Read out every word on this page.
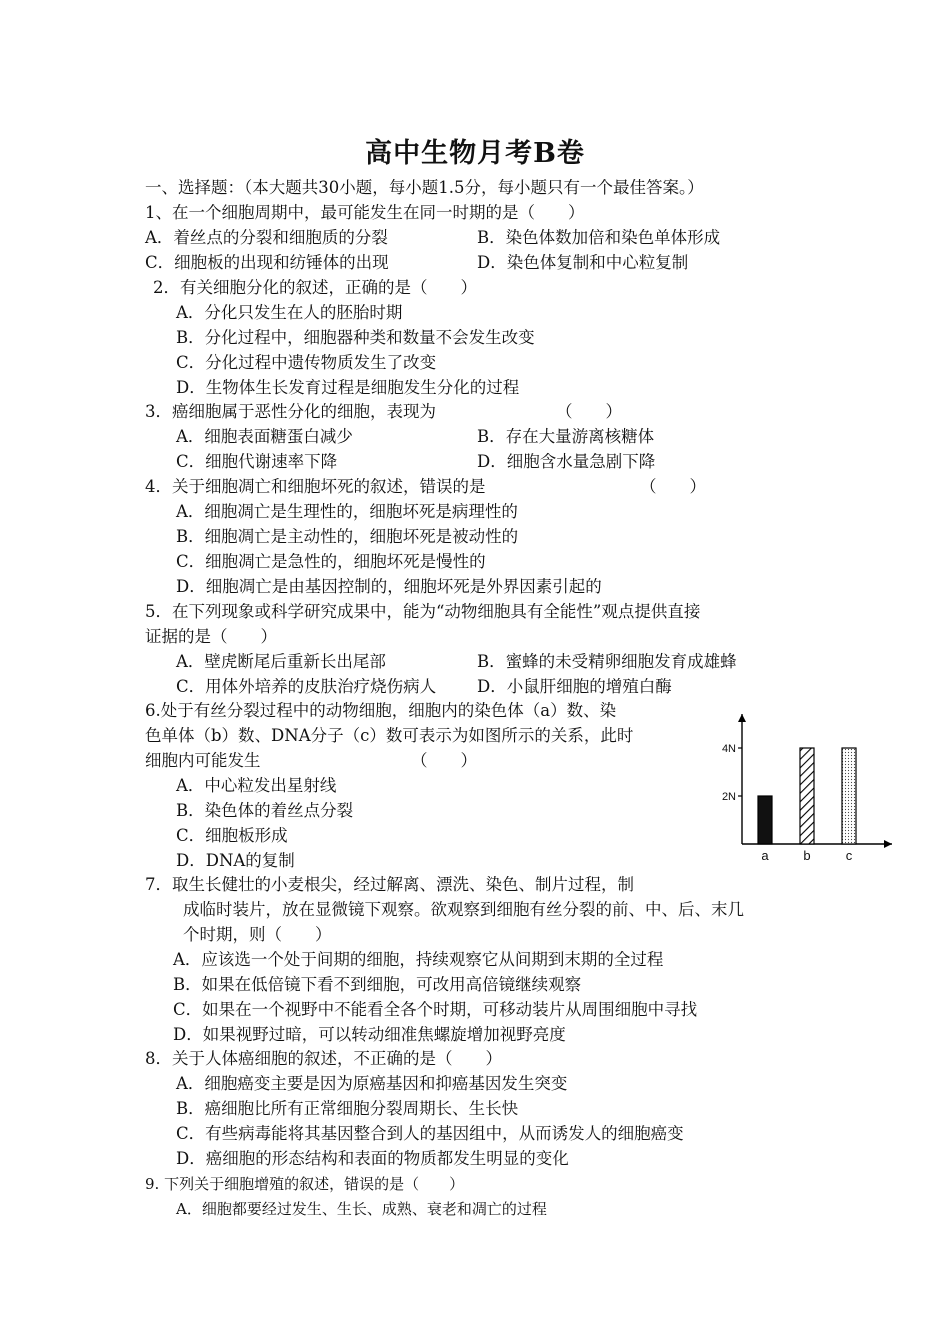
高中生物月考B卷
一、选择题：（本大题共30小题，每小题1.5分，每小题只有一个最佳答案。）
1、在一个细胞周期中，最可能发生在同一时期的是（　　）
A．着丝点的分裂和细胞质的分裂	B．染色体数加倍和染色单体形成
C．细胞板的出现和纺锤体的出现	D．染色体复制和中心粒复制
2．有关细胞分化的叙述，正确的是（　　）
A．分化只发生在人的胚胎时期
B．分化过程中，细胞器种类和数量不会发生改变
C．分化过程中遗传物质发生了改变
D．生物体生长发育过程是细胞发生分化的过程
3．癌细胞属于恶性分化的细胞，表现为	（　　）
A．细胞表面糖蛋白减少	B．存在大量游离核糖体
C．细胞代谢速率下降	D．细胞含水量急剧下降
4．关于细胞凋亡和细胞坏死的叙述，错误的是	（　　）
A．细胞凋亡是生理性的，细胞坏死是病理性的
B．细胞凋亡是主动性的，细胞坏死是被动性的
C．细胞凋亡是急性的，细胞坏死是慢性的
D．细胞凋亡是由基因控制的，细胞坏死是外界因素引起的
5．在下列现象或科学研究成果中，能为“动物细胞具有全能性”观点提供直接
证据的是（　　）
A．壁虎断尾后重新长出尾部	B．蜜蜂的未受精卵细胞发育成雄蜂
C．用体外培养的皮肤治疗烧伤病人 D．小鼠肝细胞的增殖白酶
6.处于有丝分裂过程中的动物细胞，细胞内的染色体（a）数、染
色单体（b）数、DNA分子（c）数可表示为如图所示的关系，此时
细胞内可能发生	（　　）
A．中心粒发出星射线
B．染色体的着丝点分裂
C．细胞板形成
D．DNA的复制
2N
4N
a	b	c
7．取生长健壮的小麦根尖，经过解离、漂洗、染色、制片过程，制
成临时装片，放在显微镜下观察。欲观察到细胞有丝分裂的前、中、后、末几
个时期，则（　　）
A．应该选一个处于间期的细胞，持续观察它从间期到末期的全过程
B．如果在低倍镜下看不到细胞，可改用高倍镜继续观察
C．如果在一个视野中不能看全各个时期，可移动装片从周围细胞中寻找
D．如果视野过暗，可以转动细准焦螺旋增加视野亮度
8．关于人体癌细胞的叙述，不正确的是（　　）
A．细胞癌变主要是因为原癌基因和抑癌基因发生突变
B．癌细胞比所有正常细胞分裂周期长、生长快
C．有些病毒能将其基因整合到人的基因组中，从而诱发人的细胞癌变
D．癌细胞的形态结构和表面的物质都发生明显的变化
9. 下列关于细胞增殖的叙述，错误的是（　　）
A．细胞都要经过发生、生长、成熟、衰老和凋亡的过程
